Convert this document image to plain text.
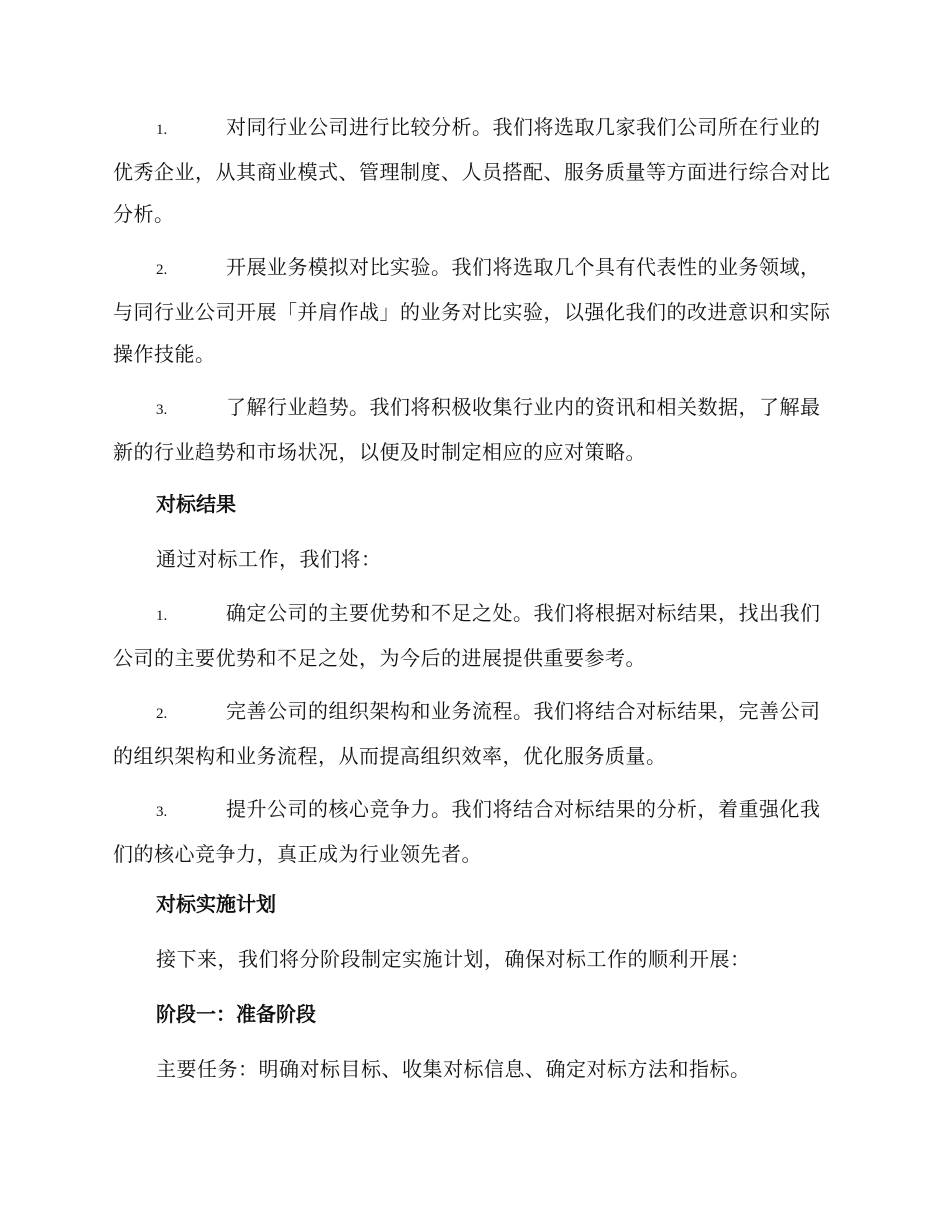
1.	对同行业公司进行比较分析。我们将选取几家我们公司所在行业的优秀企业，从其商业模式、管理制度、人员搭配、服务质量等方面进行综合对比分析。
2.	开展业务模拟对比实验。我们将选取几个具有代表性的业务领域，与同行业公司开展「并肩作战」的业务对比实验，以强化我们的改进意识和实际操作技能。
3.	了解行业趋势。我们将积极收集行业内的资讯和相关数据，了解最新的行业趋势和市场状况，以便及时制定相应的应对策略。
对标结果
通过对标工作，我们将：
1.	确定公司的主要优势和不足之处。我们将根据对标结果，找出我们公司的主要优势和不足之处，为今后的进展提供重要参考。
2.	完善公司的组织架构和业务流程。我们将结合对标结果，完善公司的组织架构和业务流程，从而提高组织效率，优化服务质量。
3.	提升公司的核心竞争力。我们将结合对标结果的分析，着重强化我们的核心竞争力，真正成为行业领先者。
对标实施计划
接下来，我们将分阶段制定实施计划，确保对标工作的顺利开展：
阶段一：准备阶段
主要任务：明确对标目标、收集对标信息、确定对标方法和指标。
